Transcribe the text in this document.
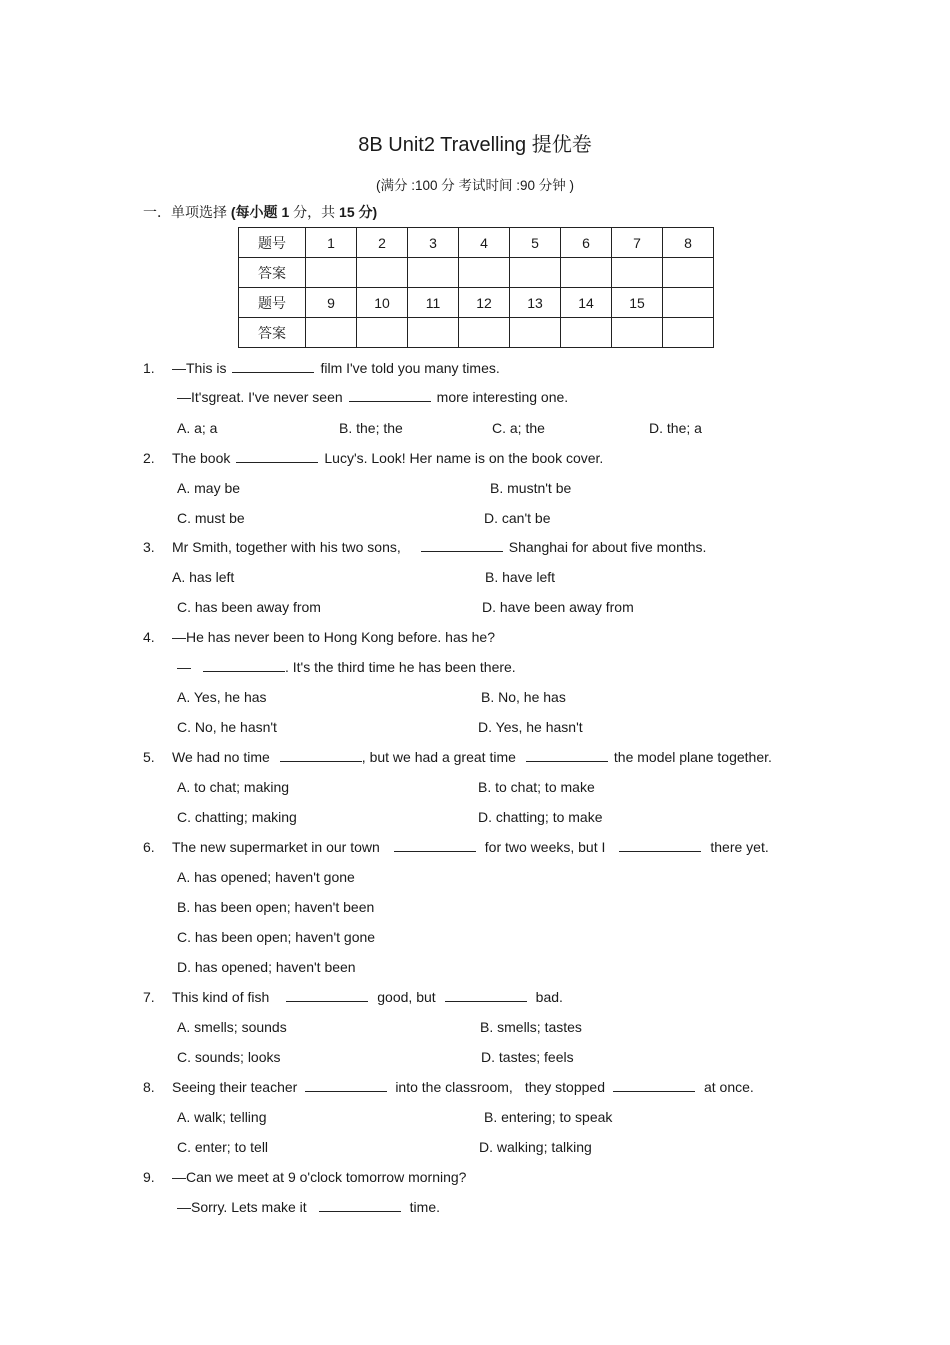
8B Unit2 Travelling 提优卷
(满分 :100 分 考试时间 :90 分钟 )
一．单项选择 (每小题 1 分，共 15 分)
题号	1	2	3	4	5	6	7	8
答案								
题号	9	10	11	12	13	14	15	
答案								
1. —This is	film I've told you many times.
—It'sgreat. I've never seen	more interesting one.
A. a; a	B. the; the	C. a; the	D. the; a
2. The book	Lucy's. Look! Her name is on the book cover.
A. may be	B. mustn't be
C. must be	D. can't be
3. Mr Smith, together with his two sons,	Shanghai for about five months.
A. has left	B. have left
C. has been away from	D. have been away from
4. —He has never been to Hong Kong before. has he?
—	. It's the third time he has been there.
A. Yes, he has	B. No, he has
C. No, he hasn't	D. Yes, he hasn't
5. We had no time	, but we had a great time	the model plane together.
A. to chat; making	B. to chat; to make
C. chatting; making	D. chatting; to make
6. The new supermarket in our town	for two weeks, but I	there yet.
A. has opened; haven't gone
B. has been open; haven't been
C. has been open; haven't gone
D. has opened; haven't been
7. This kind of fish	good, but	bad.
A. smells; sounds	B. smells; tastes
C. sounds; looks	D. tastes; feels
8. Seeing their teacher	into the classroom, they stopped	at once.
A. walk; telling	B. entering; to speak
C. enter; to tell	D. walking; talking
9. —Can we meet at 9 o'clock tomorrow morning?
—Sorry. Lets make it	time.
